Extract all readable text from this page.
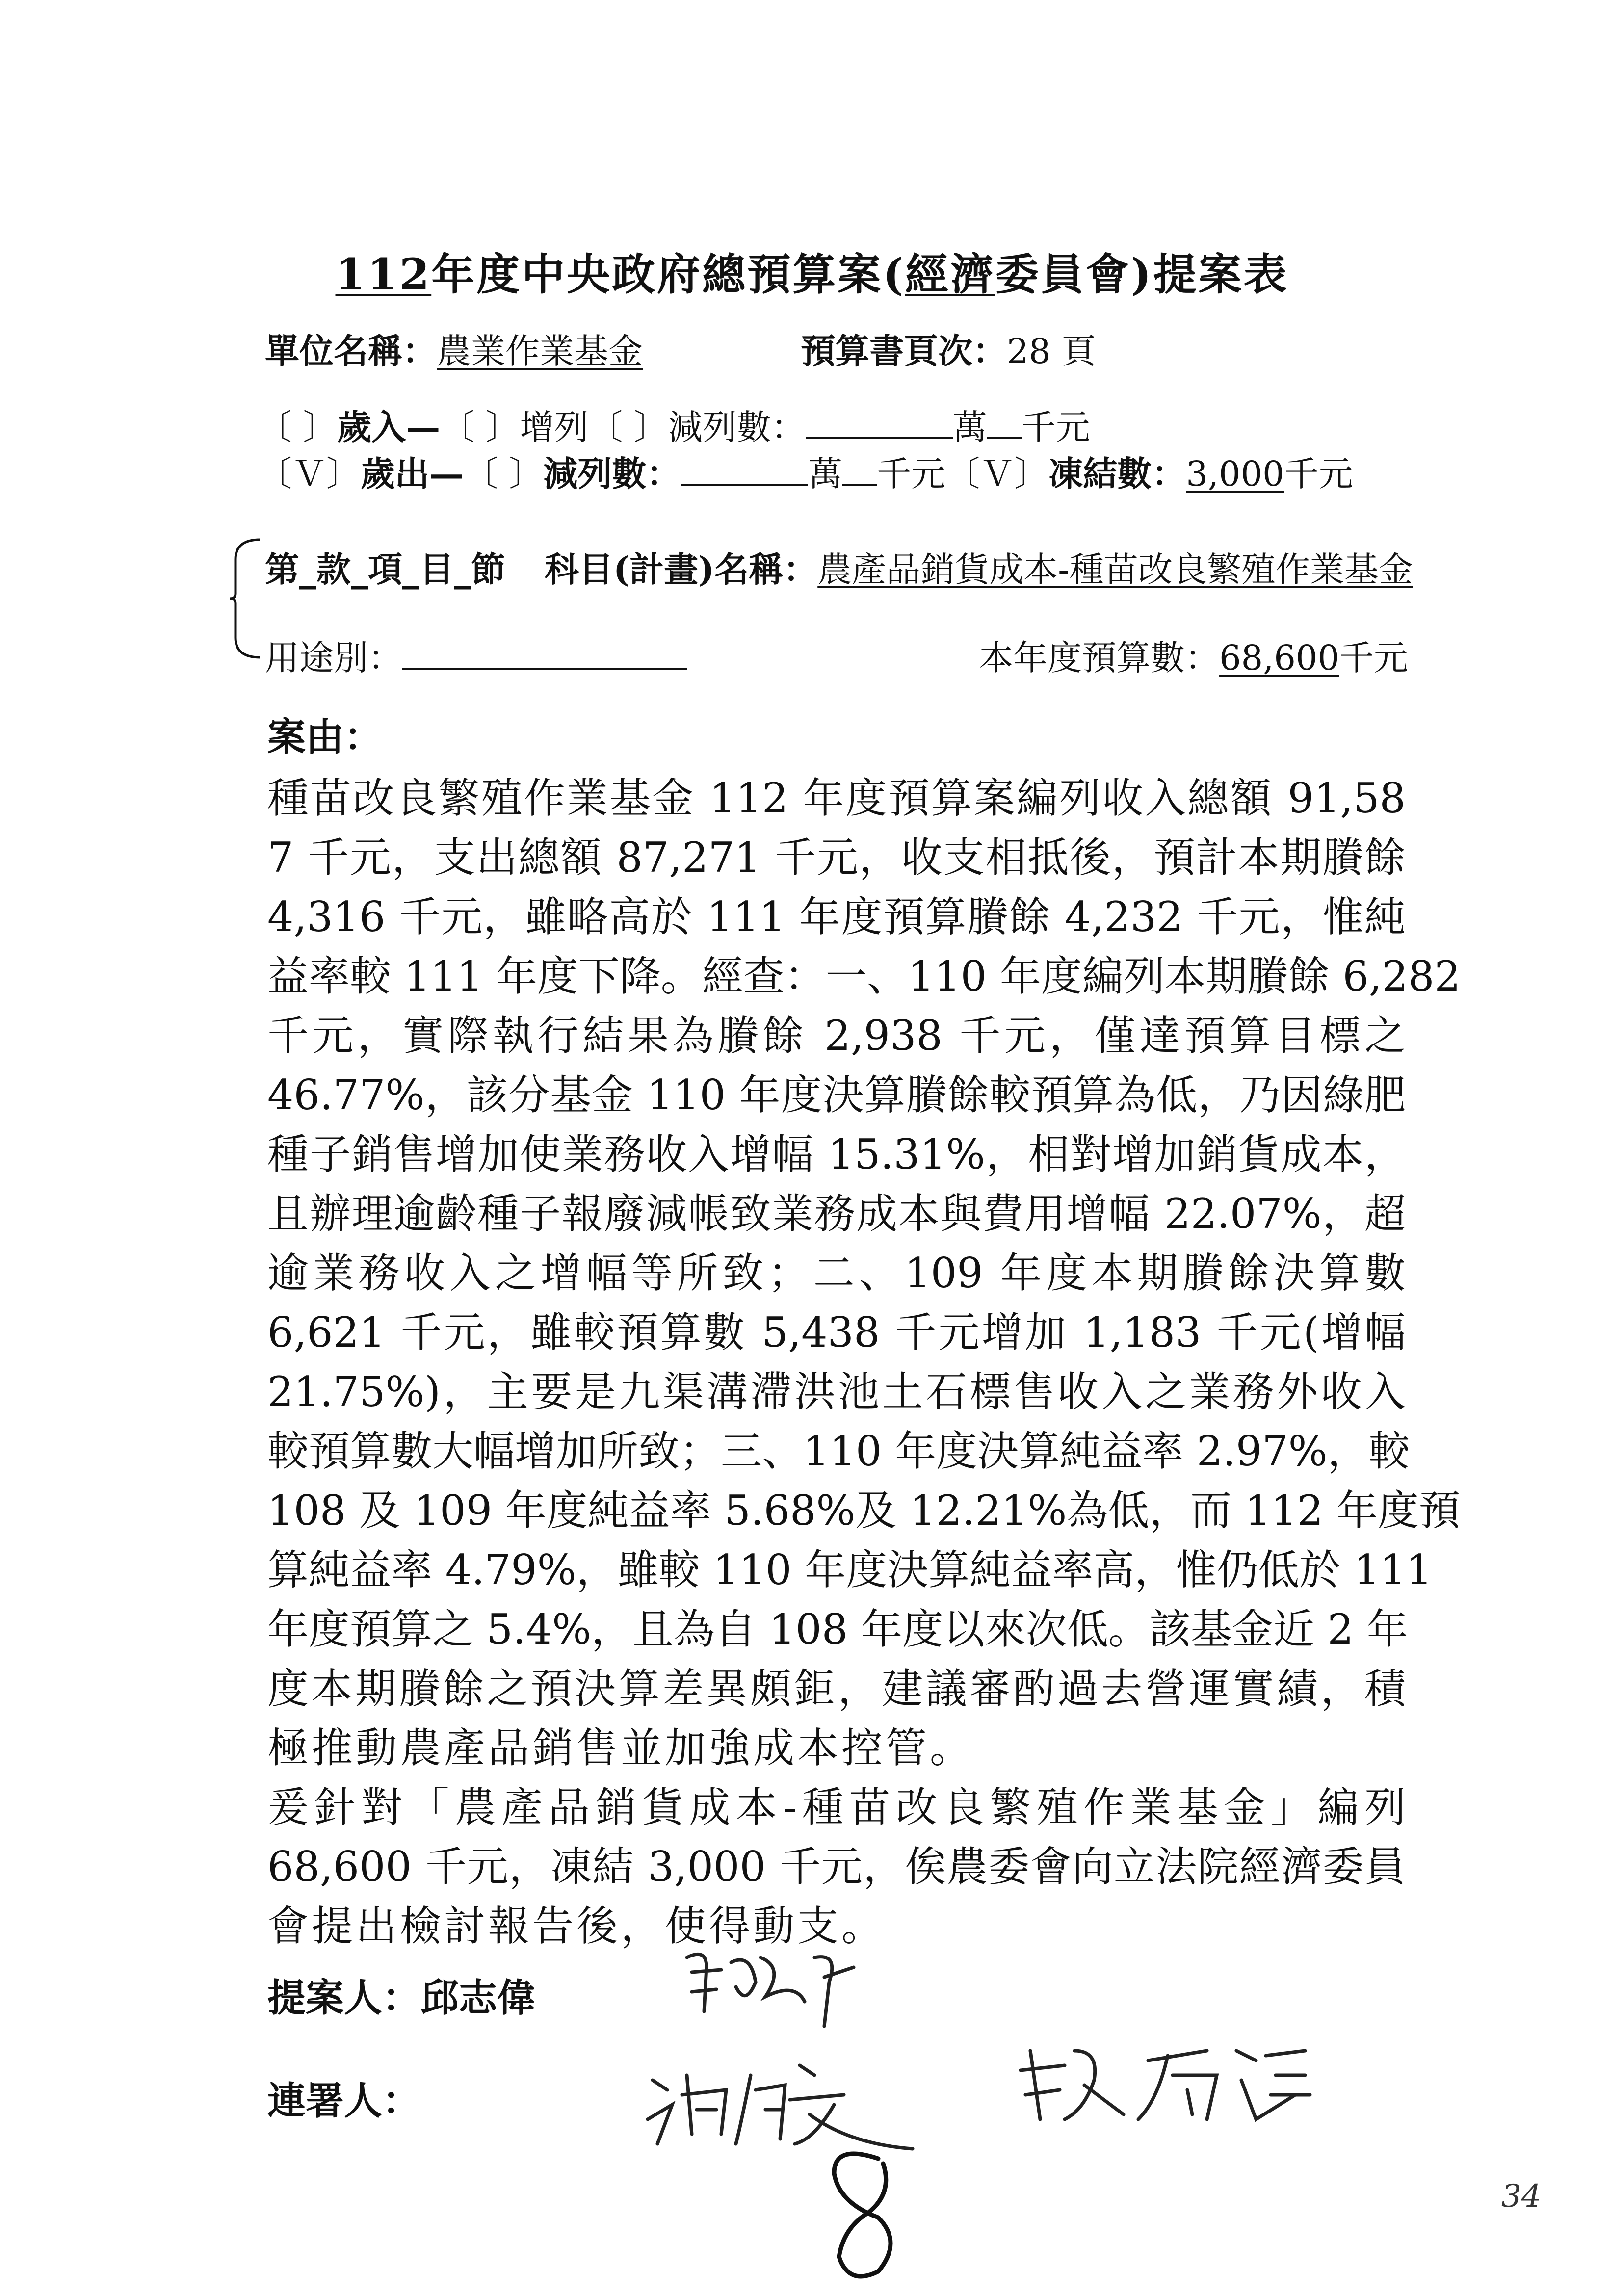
112年度中央政府總預算案(經濟委員會)提案表
單位名稱：農業作業基金	預算書頁次：28 頁
〔 〕歲入—〔 〕增列〔 〕減列數：	萬 千元
〔Ｖ〕歲出—〔 〕減列數：	萬 千元〔Ｖ〕凍結數：3,000千元
第_款_項_目_節 科目(計畫)名稱：農產品銷貨成本-種苗改良繁殖作業基金
用途別：	本年度預算數：68,600千元
案由：
種苗改良繁殖作業基金 112 年度預算案編列收入總額 91,58
7 千元，支出總額 87,271 千元，收支相抵後，預計本期賸餘
4,316 千元，雖略高於 111 年度預算賸餘 4,232 千元，惟純
益率較 111 年度下降。經查：一、110 年度編列本期賸餘 6,282
千元，實際執行結果為賸餘 2,938 千元，僅達預算目標之
46.77%，該分基金 110 年度決算賸餘較預算為低，乃因綠肥
種子銷售增加使業務收入增幅 15.31%，相對增加銷貨成本，
且辦理逾齡種子報廢減帳致業務成本與費用增幅 22.07%，超
逾業務收入之增幅等所致；二、109 年度本期賸餘決算數
6,621 千元，雖較預算數 5,438 千元增加 1,183 千元(增幅
21.75%)，主要是九渠溝滯洪池土石標售收入之業務外收入
較預算數大幅增加所致；三、110 年度決算純益率 2.97%，較
108 及 109 年度純益率 5.68%及 12.21%為低，而 112 年度預
算純益率 4.79%，雖較 110 年度決算純益率高，惟仍低於 111
年度預算之 5.4%，且為自 108 年度以來次低。該基金近 2 年
度本期賸餘之預決算差異頗鉅，建議審酌過去營運實績，積
極推動農產品銷售並加強成本控管。
爰針對「農產品銷貨成本-種苗改良繁殖作業基金」編列
68,600 千元，凍結 3,000 千元，俟農委會向立法院經濟委員
會提出檢討報告後，使得動支。
提案人：邱志偉
連署人：
34
